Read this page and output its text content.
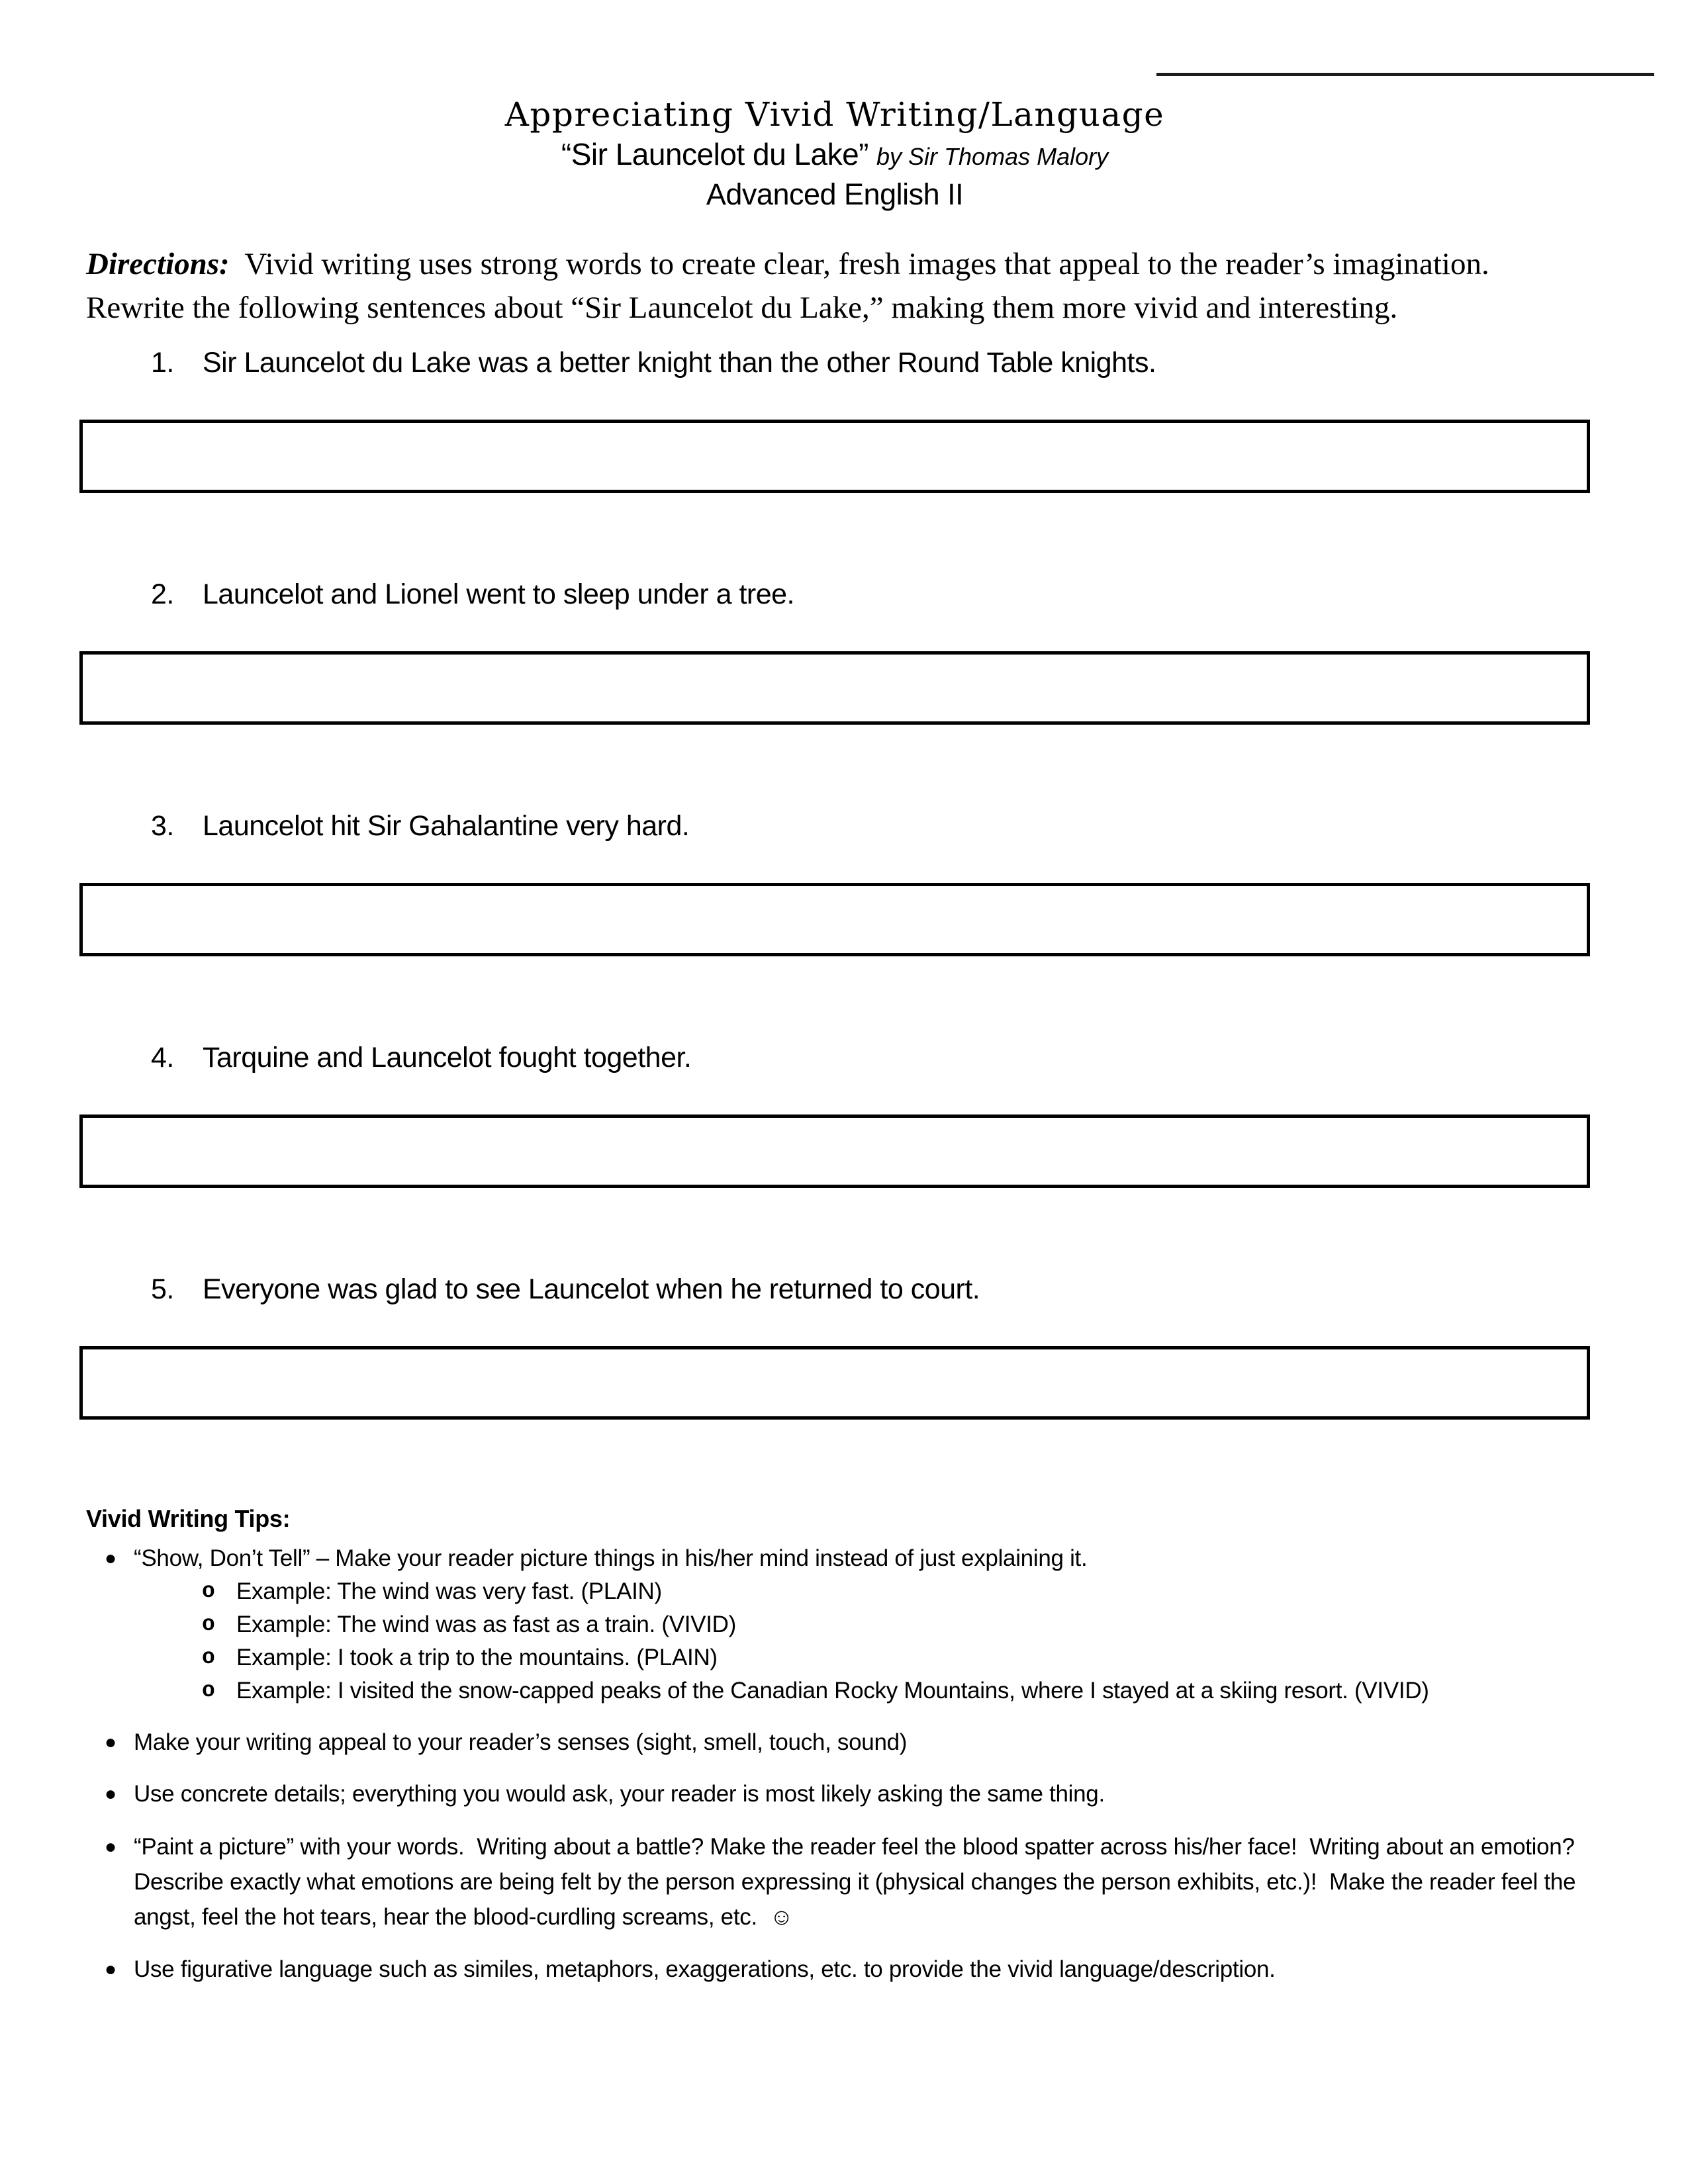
Appreciating Vivid Writing/Language
“Sir Launcelot du Lake” by Sir Thomas Malory
Advanced English II
Directions:  Vivid writing uses strong words to create clear, fresh images that appeal to the reader’s imagination.  Rewrite the following sentences about “Sir Launcelot du Lake,” making them more vivid and interesting.
1.	Sir Launcelot du Lake was a better knight than the other Round Table knights.
2.	Launcelot and Lionel went to sleep under a tree.
3.	Launcelot hit Sir Gahalantine very hard.
4.	Tarquine and Launcelot fought together.
5.	Everyone was glad to see Launcelot when he returned to court.
Vivid Writing Tips:
● “Show, Don’t Tell” – Make your reader picture things in his/her mind instead of just explaining it.
o Example: The wind was very fast. (PLAIN)
o Example: The wind was as fast as a train. (VIVID)
o Example: I took a trip to the mountains. (PLAIN)
o Example: I visited the snow-capped peaks of the Canadian Rocky Mountains, where I stayed at a skiing resort. (VIVID)
● Make your writing appeal to your reader’s senses (sight, smell, touch, sound)
● Use concrete details; everything you would ask, your reader is most likely asking the same thing.
● “Paint a picture” with your words.  Writing about a battle? Make the reader feel the blood spatter across his/her face!  Writing about an emotion?  Describe exactly what emotions are being felt by the person expressing it (physical changes the person exhibits, etc.)!  Make the reader feel the angst, feel the hot tears, hear the blood-curdling screams, etc.  ☺
● Use figurative language such as similes, metaphors, exaggerations, etc. to provide the vivid language/description.
